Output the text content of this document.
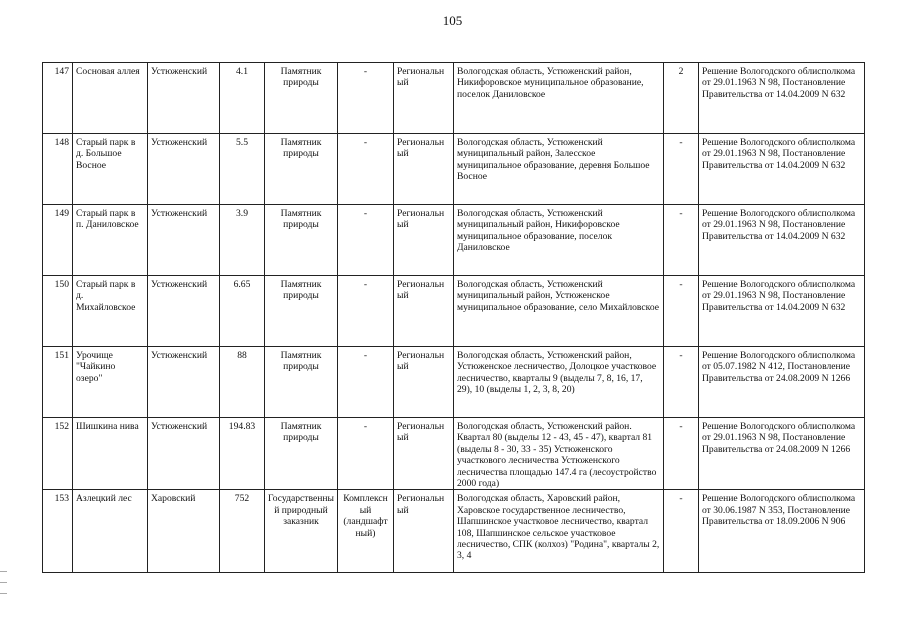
105
147	Сосновая аллея	Устюженский	4.1	Памятник природы	-	Региональный	Вологодская область, Устюженский район, Никифоровское муниципальное образование, поселок Даниловское	2	Решение Вологодского облисполкома от 29.01.1963 N 98, Постановление Правительства от 14.04.2009 N 632
148	Старый парк в д. Большое Восное	Устюженский	5.5	Памятник природы	-	Региональный	Вологодская область, Устюженский муниципальный район, Залесское муниципальное образование, деревня Большое Восное	-	Решение Вологодского облисполкома от 29.01.1963 N 98, Постановление Правительства от 14.04.2009 N 632
149	Старый парк в п. Даниловское	Устюженский	3.9	Памятник природы	-	Региональный	Вологодская область, Устюженский муниципальный район, Никифоровское муниципальное образование, поселок Даниловское	-	Решение Вологодского облисполкома от 29.01.1963 N 98, Постановление Правительства от 14.04.2009 N 632
150	Старый парк в д. Михайловское	Устюженский	6.65	Памятник природы	-	Региональный	Вологодская область, Устюженский муниципальный район, Устюженское муниципальное образование, село Михайловское	-	Решение Вологодского облисполкома от 29.01.1963 N 98, Постановление Правительства от 14.04.2009 N 632
151	Урочище "Чайкино озеро"	Устюженский	88	Памятник природы	-	Региональный	Вологодская область, Устюженский район, Устюженское лесничество, Долоцкое участковое лесничество, кварталы 9 (выделы 7, 8, 16, 17, 29), 10 (выделы 1, 2, 3, 8, 20)	-	Решение Вологодского облисполкома от 05.07.1982 N 412, Постановление Правительства от 24.08.2009 N 1266
152	Шишкина нива	Устюженский	194.83	Памятник природы	-	Региональный	Вологодская область, Устюженский район. Квартал 80 (выделы 12 - 43, 45 - 47), квартал 81 (выделы 8 - 30, 33 - 35) Устюженского участкового лесничества Устюженского лесничества площадью 147.4 га (лесоустройство 2000 года)	-	Решение Вологодского облисполкома от 29.01.1963 N 98, Постановление Правительства от 24.08.2009 N 1266
153	Азлецкий лес	Харовский	752	Государственный природный заказник	Комплексный (ландшафтный)	Региональный	Вологодская область, Харовский район, Харовское государственное лесничество, Шапшинское участковое лесничество, квартал 108, Шапшинское сельское участковое лесничество, СПК (колхоз) "Родина", кварталы 2, 3, 4	-	Решение Вологодского облисполкома от 30.06.1987 N 353, Постановление Правительства от 18.09.2006 N 906
